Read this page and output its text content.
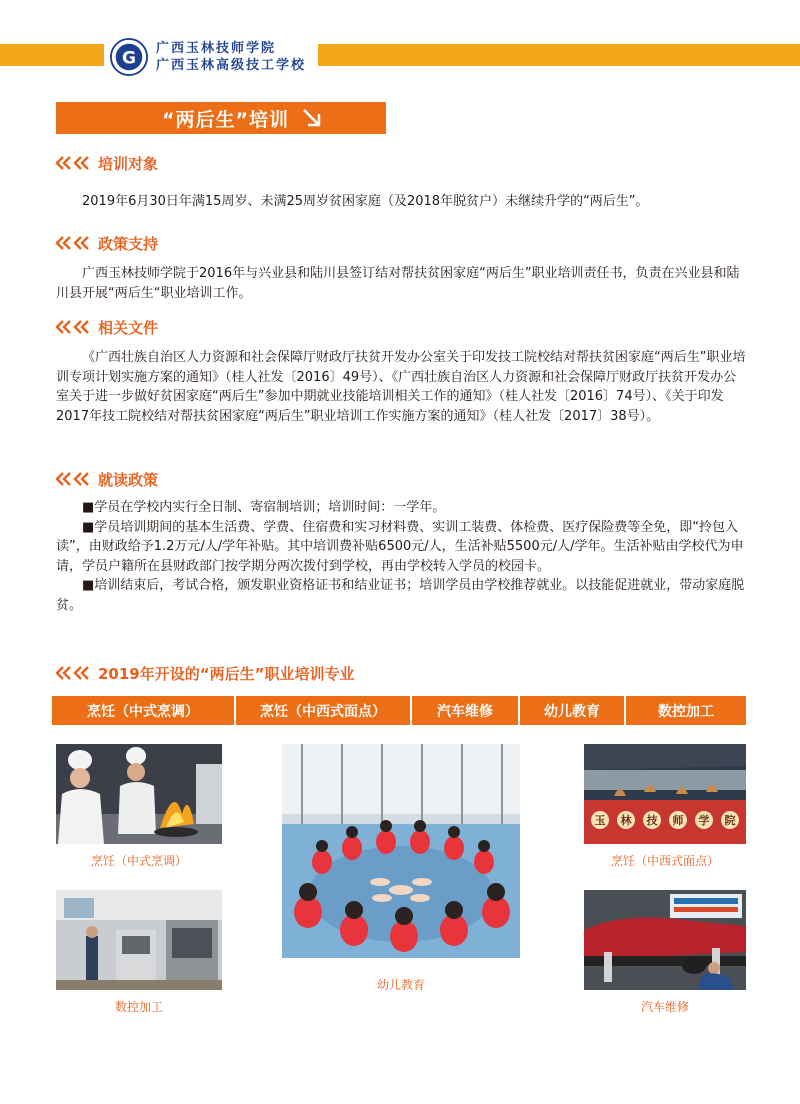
G
广西玉林技师学院
广西玉林高级技工学校
“两后生”培训
培训对象

2019年6月30日年满15周岁、未满25周岁贫困家庭（及2018年脱贫户）未继续升学的“两后生”。

政策支持

广西玉林技师学院于2016年与兴业县和陆川县签订结对帮扶贫困家庭“两后生”职业培训责任书，负责在兴业县和陆川县开展“两后生“职业培训工作。

相关文件

《广西壮族自治区人力资源和社会保障厅财政厅扶贫开发办公室关于印发技工院校结对帮扶贫困家庭“两后生”职业培训专项计划实施方案的通知》（桂人社发〔2016〕49号）、《广西壮族自治区人力资源和社会保障厅财政厅扶贫开发办公室关于进一步做好贫困家庭“两后生”参加中期就业技能培训相关工作的通知》（桂人社发〔2016〕74号）、《关于印发2017年技工院校结对帮扶贫困家庭“两后生”职业培训工作实施方案的通知》（桂人社发〔2017〕38号）。

就读政策

■学员在学校内实行全日制、寄宿制培训；培训时间：一学年。

■学员培训期间的基本生活费、学费、住宿费和实习材料费、实训工装费、体检费、医疗保险费等全免，即“拎包入读”，由财政给予1.2万元/人/学年补贴。其中培训费补贴6500元/人，生活补贴5500元/人/学年。生活补贴由学校代为申请，学员户籍所在县财政部门按学期分两次拨付到学校，再由学校转入学员的校园卡。

■培训结束后，考试合格，颁发职业资格证书和结业证书；培训学员由学校推荐就业。以技能促进就业，带动家庭脱贫。

2019年开设的“两后生”职业培训专业
烹饪（中式烹调）	烹饪（中西式面点）	汽车维修	幼儿教育	数控加工
烹饪（中式烹调）
数控加工
幼儿教育
玉 林 技 师 学 院
烹饪（中西式面点）
汽车维修
